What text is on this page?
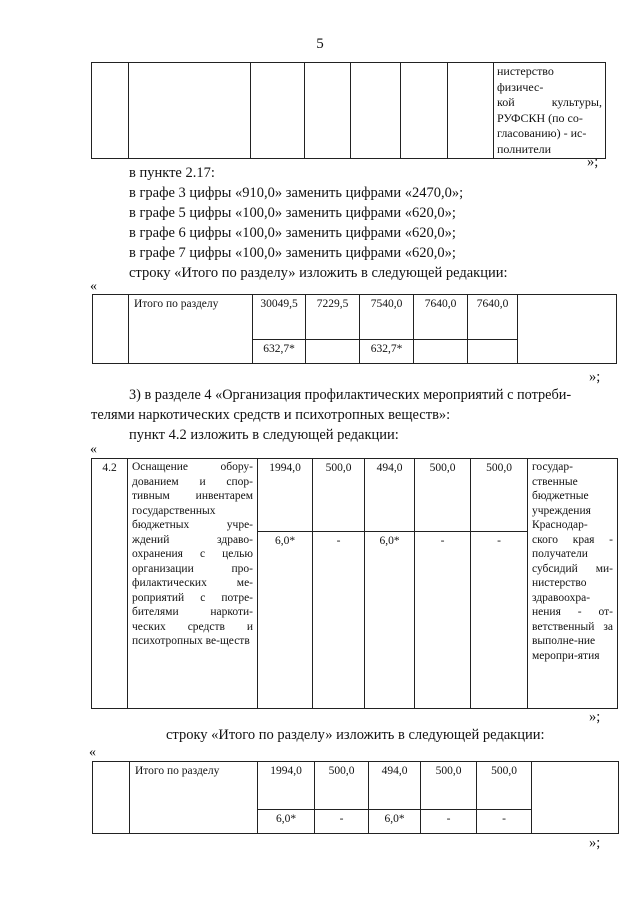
5

нистерство физичес-
кой культуры,
РУФСКН (по со-
гласованию) - ис-
полнители
»;
в пункте 2.17:
в графе 3 цифры «910,0» заменить цифрами «2470,0»;
в графе 5 цифры «100,0» заменить цифрами «620,0»;
в графе 6 цифры «100,0» заменить цифрами «620,0»;
в графе 7 цифры «100,0» заменить цифрами «620,0»;
строку «Итого по разделу» изложить в следующей редакции:
«
	Итого по разделу	30049,5	7229,5	7540,0	7640,0	7640,0	
		632,7*		632,7*			
»;
3) в разделе 4 «Организация профилактических мероприятий с потреби-
телями наркотических средств и психотропных веществ»:
пункт 4.2 изложить в следующей редакции:
«
4.2	Оснащение обору-дованием и спор-тивным инвентарем государственных бюджетных учре-ждений здраво-охранения с целью организации про-филактических ме-роприятий с потре-бителями наркоти-ческих средств и психотропных ве-ществ	1994,0	500,0	494,0	500,0	500,0	государ-ственные бюджетные учреждения Краснодар-ского края - получатели субсидий ми-нистерство здравоохра-нения - от-ветственный за выполне-ние меропри-ятия
		6,0*	-	6,0*	-	-	
»;
строку «Итого по разделу» изложить в следующей редакции:
«
	Итого по разделу	1994,0	500,0	494,0	500,0	500,0	
		6,0*	-	6,0*	-	-	
»;
